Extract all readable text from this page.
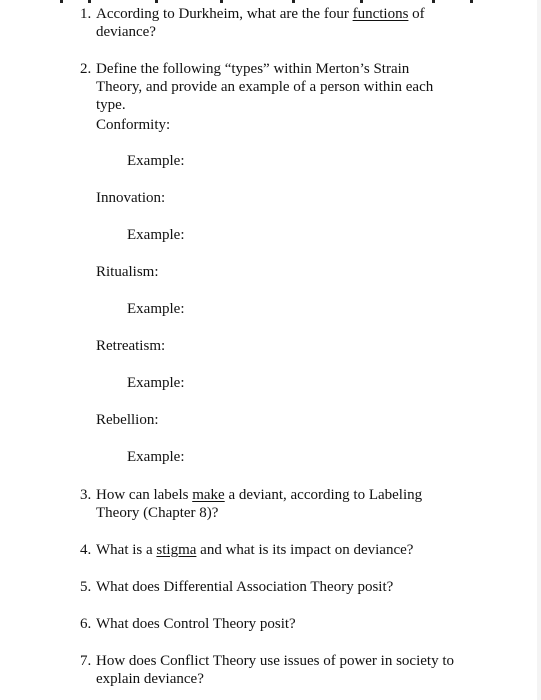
1. According to Durkheim, what are the four functions of
deviance?
2. Define the following “types” within Merton’s Strain
Theory, and provide an example of a person within each
type.
Conformity:
Example:
Innovation:
Example:
Ritualism:
Example:
Retreatism:
Example:
Rebellion:
Example:
3. How can labels make a deviant, according to Labeling
Theory (Chapter 8)?
4. What is a stigma and what is its impact on deviance?
5. What does Differential Association Theory posit?
6. What does Control Theory posit?
7. How does Conflict Theory use issues of power in society to
explain deviance?
